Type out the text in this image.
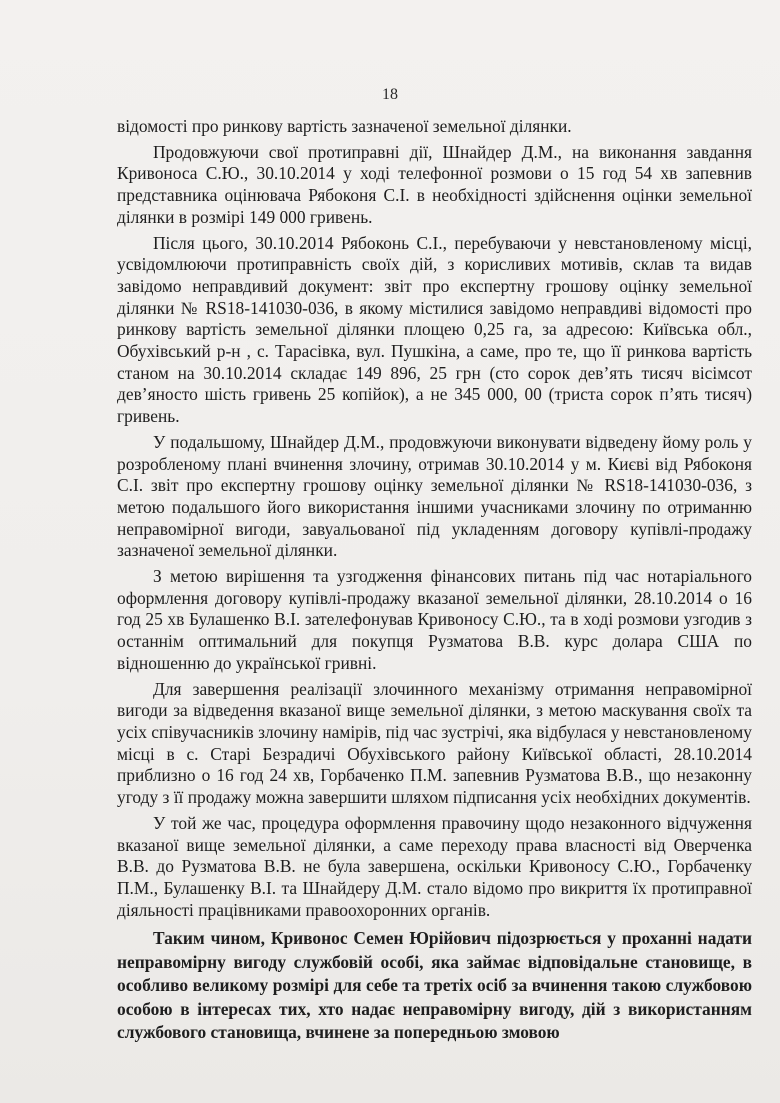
18

відомості про ринкову вартість зазначеної земельної ділянки.

Продовжуючи свої протиправні дії, Шнайдер Д.М., на виконання завдання Кривоноса С.Ю., 30.10.2014 у ході телефонної розмови о 15 год 54 хв запевнив представника оцінювача Рябоконя С.І. в необхідності здійснення оцінки земельної ділянки в розмірі 149 000 гривень.

Після цього, 30.10.2014 Рябоконь С.І., перебуваючи у невстановленому місці, усвідомлюючи протиправність своїх дій, з корисливих мотивів, склав та видав завідомо неправдивий документ: звіт про експертну грошову оцінку земельної ділянки № RS18-141030-036, в якому містилися завідомо неправдиві відомості про ринкову вартість земельної ділянки площею 0,25 га, за адресою: Київська обл., Обухівський р-н , с. Тарасівка, вул. Пушкіна, а саме, про те, що її ринкова вартість станом на 30.10.2014 складає 149 896, 25 грн (сто сорок дев’ять тисяч вісімсот дев’яносто шість гривень 25 копійок), а не 345 000, 00 (триста сорок п’ять тисяч) гривень.

У подальшому, Шнайдер Д.М., продовжуючи виконувати відведену йому роль у розробленому плані вчинення злочину, отримав 30.10.2014 у м. Києві від Рябоконя С.І. звіт про експертну грошову оцінку земельної ділянки № RS18-141030-036, з метою подальшого його використання іншими учасниками злочину по отриманню неправомірної вигоди, завуальованої під укладенням договору купівлі-продажу зазначеної земельної ділянки.

З метою вирішення та узгодження фінансових питань під час нотаріального оформлення договору купівлі-продажу вказаної земельної ділянки, 28.10.2014 о 16 год 25 хв Булашенко В.І. зателефонував Кривоносу С.Ю., та в ході розмови узгодив з останнім оптимальний для покупця Рузматова В.В. курс долара США по відношенню до української гривні.

Для завершення реалізації злочинного механізму отримання неправомірної вигоди за відведення вказаної вище земельної ділянки, з метою маскування своїх та усіх співучасників злочину намірів, під час зустрічі, яка відбулася у невстановленому місці в с. Старі Безрадичі Обухівського району Київської області, 28.10.2014 приблизно о 16 год 24 хв, Горбаченко П.М. запевнив Рузматова В.В., що незаконну угоду з її продажу можна завершити шляхом підписання усіх необхідних документів.

У той же час, процедура оформлення правочину щодо незаконного відчуження вказаної вище земельної ділянки, а саме переходу права власності від Оверченка В.В. до Рузматова В.В. не була завершена, оскільки Кривоносу С.Ю., Горбаченку П.М., Булашенку В.І. та Шнайдеру Д.М. стало відомо про викриття їх протиправної діяльності працівниками правоохоронних органів.

Таким чином, Кривонос Семен Юрійович підозрюється у проханні надати неправомірну вигоду службовій особі, яка займає відповідальне становище, в особливо великому розмірі для себе та третіх осіб за вчинення такою службовою особою в інтересах тих, хто надає неправомірну вигоду, дій з використанням службового становища, вчинене за попередньою змовою
